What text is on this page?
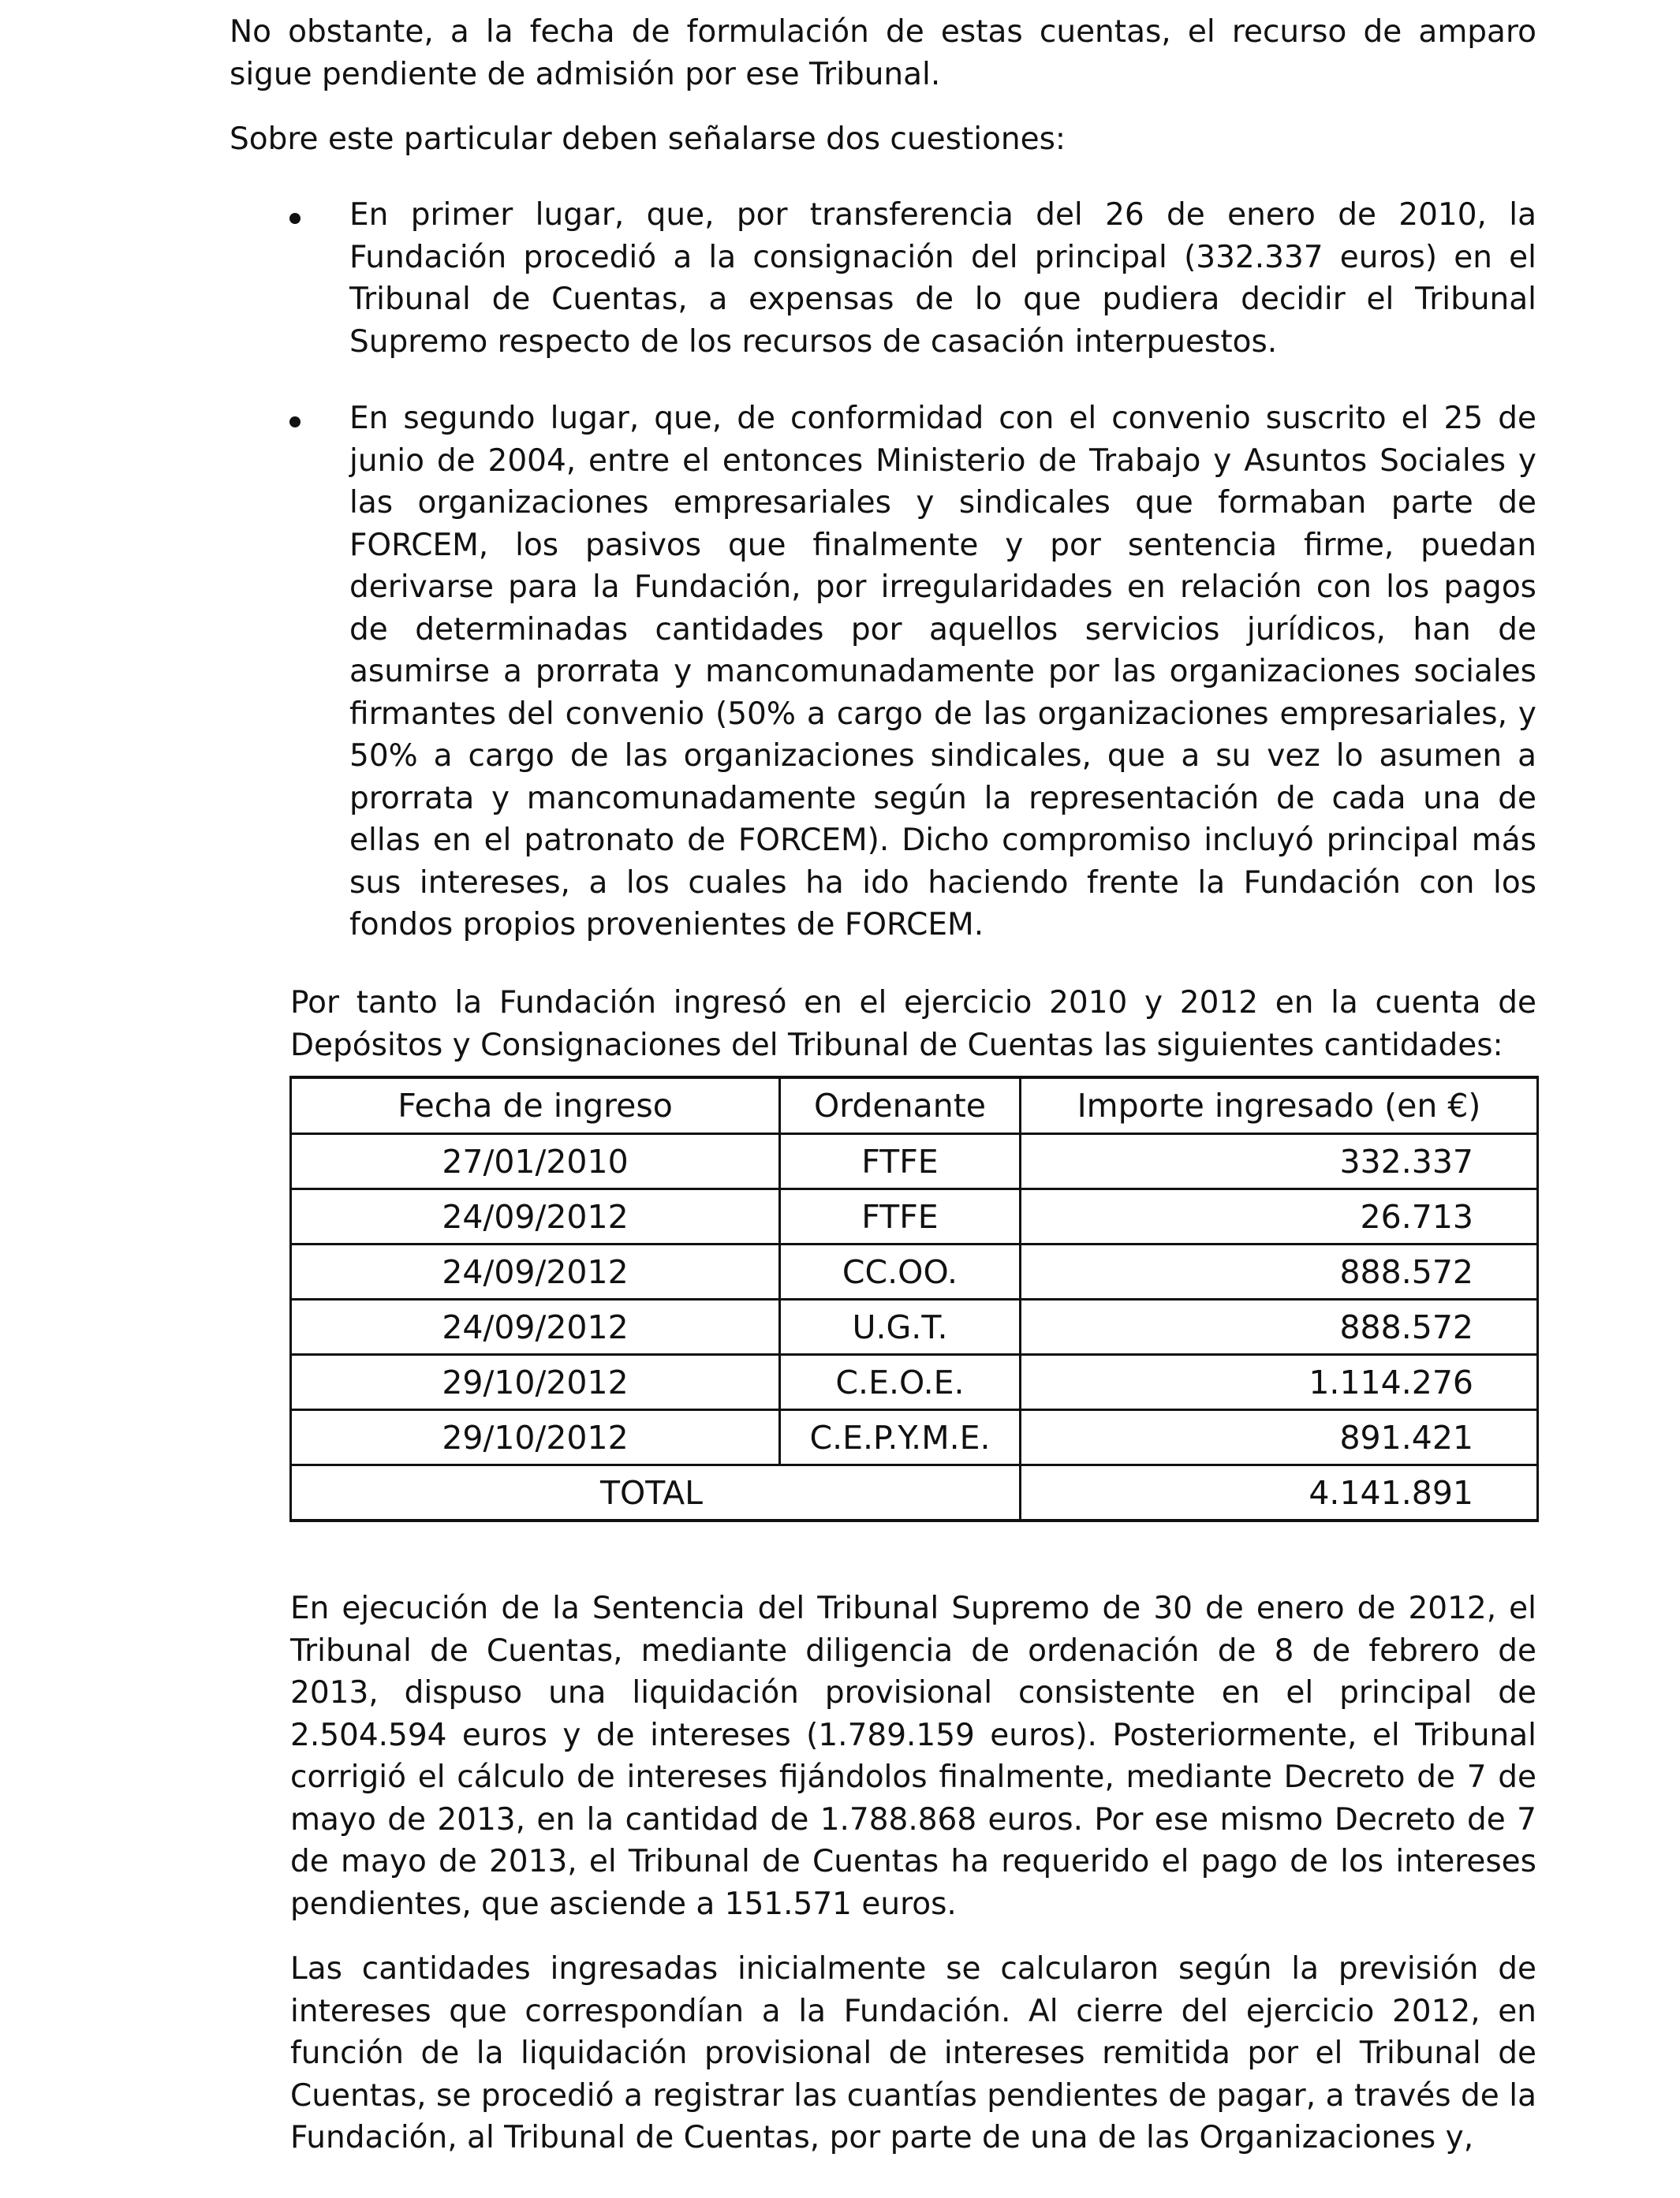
No obstante, a la fecha de formulación de estas cuentas, el recurso de amparo sigue pendiente de admisión por ese Tribunal.

Sobre este particular deben señalarse dos cuestiones:

En primer lugar, que, por transferencia del 26 de enero de 2010, la Fundación procedió a la consignación del principal (332.337 euros) en el Tribunal de Cuentas, a expensas de lo que pudiera decidir el Tribunal Supremo respecto de los recursos de casación interpuestos.

En segundo lugar, que, de conformidad con el convenio suscrito el 25 de junio de 2004, entre el entonces Ministerio de Trabajo y Asuntos Sociales y las organizaciones empresariales y sindicales que formaban parte de FORCEM, los pasivos que finalmente y por sentencia firme, puedan derivarse para la Fundación, por irregularidades en relación con los pagos de determinadas cantidades por aquellos servicios jurídicos, han de asumirse a prorrata y mancomunadamente por las organizaciones sociales firmantes del convenio (50% a cargo de las organizaciones empresariales, y 50% a cargo de las organizaciones sindicales, que a su vez lo asumen a prorrata y mancomunadamente según la representación de cada una de ellas en el patronato de FORCEM). Dicho compromiso incluyó principal más sus intereses, a los cuales ha ido haciendo frente la Fundación con los fondos propios provenientes de FORCEM.

Por tanto la Fundación ingresó en el ejercicio 2010 y 2012 en la cuenta de Depósitos y Consignaciones del Tribunal de Cuentas las siguientes cantidades:

Fecha de ingreso	Ordenante	Importe ingresado (en €)
27/01/2010	FTFE	332.337
24/09/2012	FTFE	26.713
24/09/2012	CC.OO.	888.572
24/09/2012	U.G.T.	888.572
29/10/2012	C.E.O.E.	1.114.276
29/10/2012	C.E.P.Y.M.E.	891.421
TOTAL		4.141.891

En ejecución de la Sentencia del Tribunal Supremo de 30 de enero de 2012, el Tribunal de Cuentas, mediante diligencia de ordenación de 8 de febrero de 2013, dispuso una liquidación provisional consistente en el principal de 2.504.594 euros y de intereses (1.789.159 euros). Posteriormente, el Tribunal corrigió el cálculo de intereses fijándolos finalmente, mediante Decreto de 7 de mayo de 2013, en la cantidad de 1.788.868 euros. Por ese mismo Decreto de 7 de mayo de 2013, el Tribunal de Cuentas ha requerido el pago de los intereses pendientes, que asciende a 151.571 euros.

Las cantidades ingresadas inicialmente se calcularon según la previsión de intereses que correspondían a la Fundación. Al cierre del ejercicio 2012, en función de la liquidación provisional de intereses remitida por el Tribunal de Cuentas, se procedió a registrar las cuantías pendientes de pagar, a través de la Fundación, al Tribunal de Cuentas, por parte de una de las Organizaciones y,
